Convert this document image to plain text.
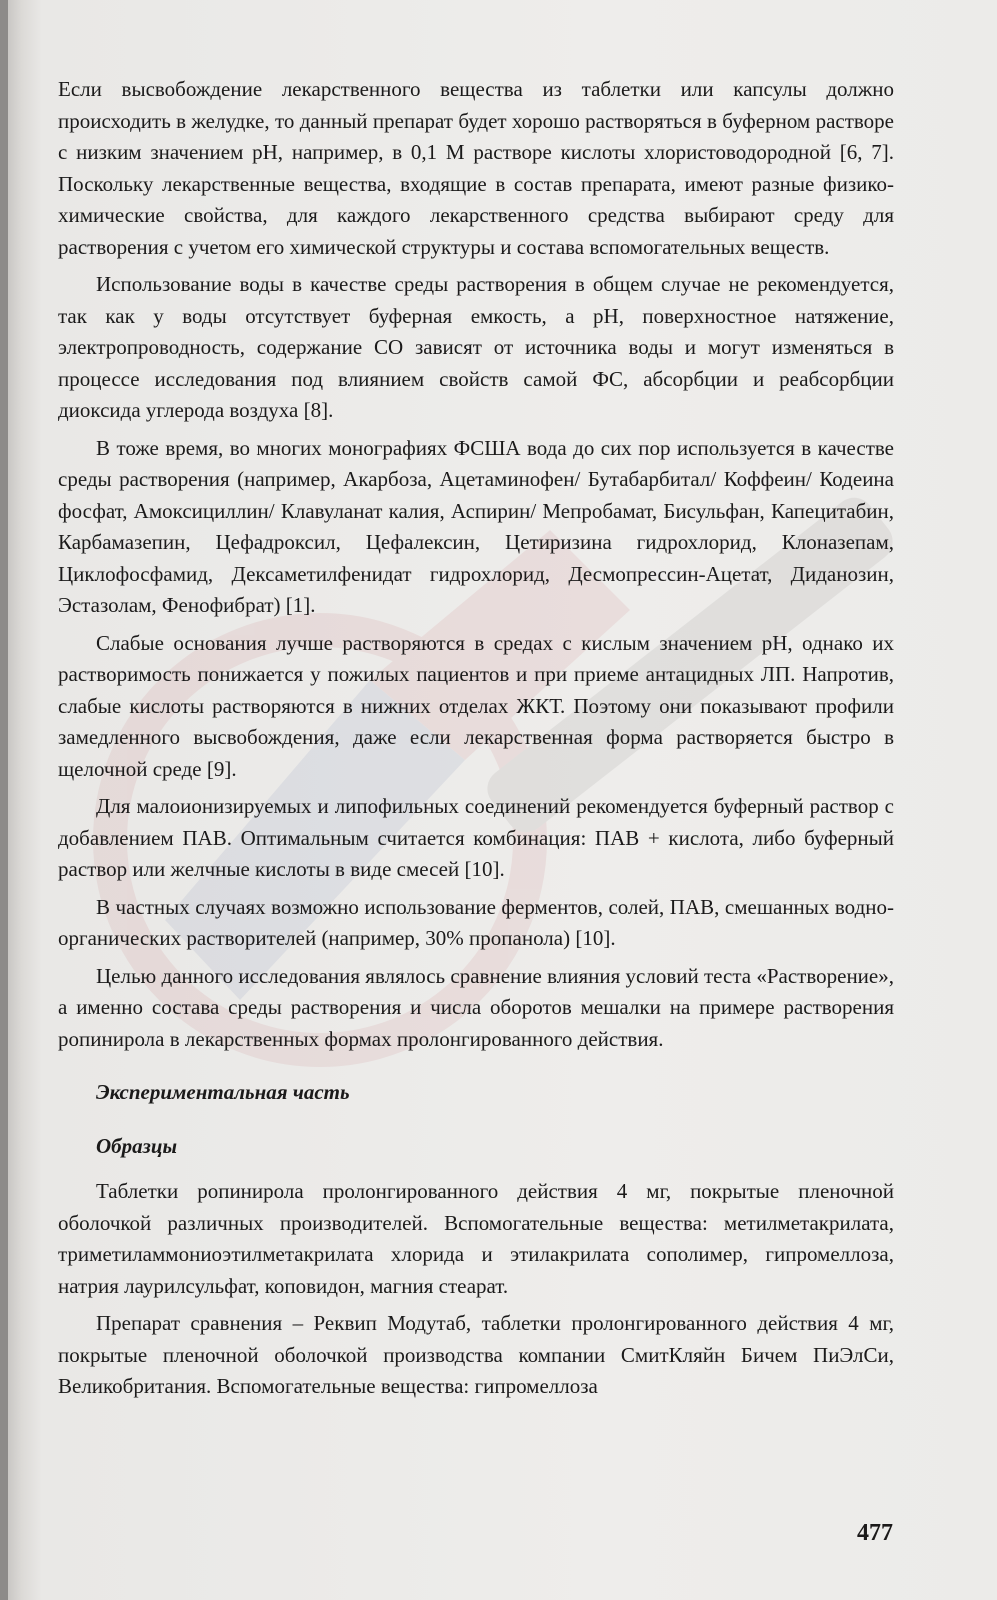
Если высвобождение лекарственного вещества из таблетки или капсулы должно происходить в желудке, то данный препарат будет хорошо растворяться в буферном растворе с низким значением pH, например, в 0,1 М растворе кислоты хлористоводородной [6, 7]. Поскольку лекарственные вещества, входящие в состав препарата, имеют разные физико-химические свойства, для каждого лекарственного средства выбирают среду для растворения с учетом его химической структуры и состава вспомогательных веществ.

Использование воды в качестве среды растворения в общем случае не рекомендуется, так как у воды отсутствует буферная емкость, а pH, поверхностное натяжение, электропроводность, содержание CO зависят от источника воды и могут изменяться в процессе исследования под влиянием свойств самой ФС, абсорбции и реабсорбции диоксида углерода воздуха [8].

В тоже время, во многих монографиях ФСША вода до сих пор используется в качестве среды растворения (например, Акарбоза, Ацетаминофен/ Бутабарбитал/ Коффеин/ Кодеина фосфат, Амоксициллин/ Клавуланат калия, Аспирин/ Мепробамат, Бисульфан, Капецитабин, Карбамазепин, Цефадроксил, Цефалексин, Цетиризина гидрохлорид, Клоназепам, Циклофосфамид, Дексаметилфенидат гидрохлорид, Десмопрессин-Ацетат, Диданозин, Эстазолам, Фенофибрат) [1].

Слабые основания лучше растворяются в средах с кислым значением pH, однако их растворимость понижается у пожилых пациентов и при приеме антацидных ЛП. Напротив, слабые кислоты растворяются в нижних отделах ЖКТ. Поэтому они показывают профили замедленного высвобождения, даже если лекарственная форма растворяется быстро в щелочной среде [9].

Для малоионизируемых и липофильных соединений рекомендуется буферный раствор с добавлением ПАВ. Оптимальным считается комбинация: ПАВ + кислота, либо буферный раствор или желчные кислоты в виде смесей [10].

В частных случаях возможно использование ферментов, солей, ПАВ, смешанных водно-органических растворителей (например, 30% пропанола) [10].

Целью данного исследования являлось сравнение влияния условий теста «Растворение», а именно состава среды растворения и числа оборотов мешалки на примере растворения ропинирола в лекарственных формах пролонгированного действия.

Экспериментальная часть
Образцы

Таблетки ропинирола пролонгированного действия 4 мг, покрытые пленочной оболочкой различных производителей. Вспомогательные вещества: метилметакрилата, триметиламмониоэтилметакрилата хлорида и этилакрилата сополимер, гипромеллоза, натрия лаурилсульфат, коповидон, магния стеарат.

Препарат сравнения – Реквип Модутаб, таблетки пролонгированного действия 4 мг, покрытые пленочной оболочкой производства компании СмитКляйн Бичем ПиЭлСи, Великобритания. Вспомогательные вещества: гипромеллоза

477
